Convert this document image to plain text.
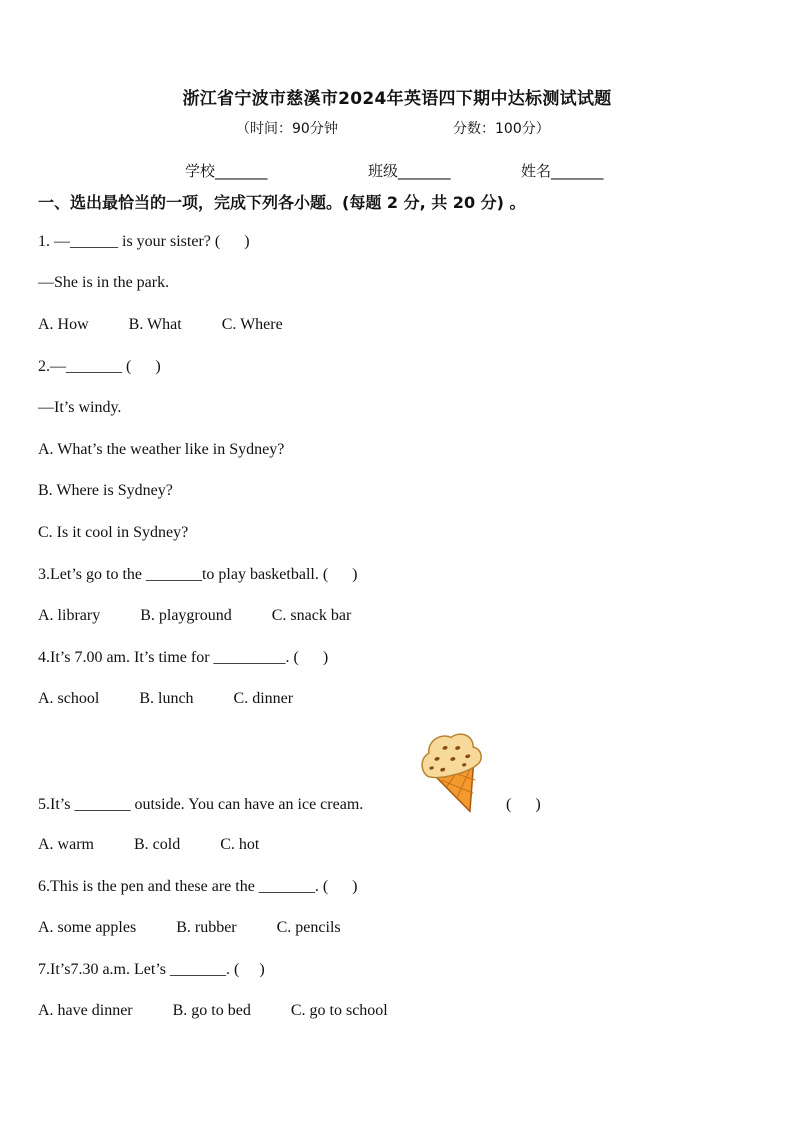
浙江省宁波市慈溪市2024年英语四下期中达标测试试题
（时间：90分钟	分数：100分）
学校_______	班级_______	姓名_______
一、选出最恰当的一项，完成下列各小题。(每题 2 分, 共 20 分) 。
1. —______ is your sister? (      )
—She is in the park.
A. How          B. What          C. Where
2.—_______ (      )
—It’s windy.
A. What’s the weather like in Sydney?
B. Where is Sydney?
C. Is it cool in Sydney?
3.Let’s go to the _______to play basketball. (      )
A. library          B. playground          C. snack bar
4.It’s 7.00 am. It’s time for _________. (      )
A. school          B. lunch          C. dinner
5.It’s _______ outside. You can have an ice cream.	(      )
A. warm          B. cold          C. hot
6.This is the pen and these are the _______. (      )
A. some apples          B. rubber          C. pencils
7.It’s7.30 a.m. Let’s _______. (     )
A. have dinner          B. go to bed          C. go to school
